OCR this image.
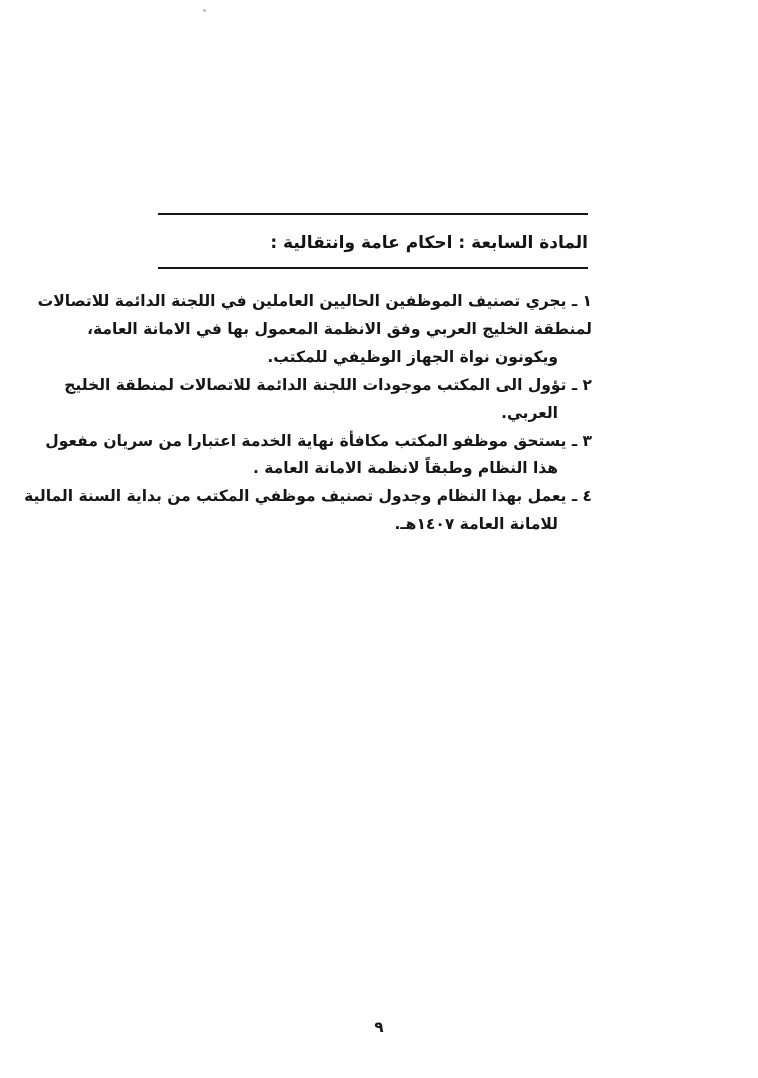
المادة السابعة : احكام عامة وانتقالية :
١ ـ يجري تصنيف الموظفين الحاليين العاملين في اللجنة الدائمة للاتصالات
لمنطقة الخليج العربي وفق الانظمة المعمول بها في الامانة العامة،
ويكونون نواة الجهاز الوظيفي للمكتب.
٢ ـ تؤول الى المكتب موجودات اللجنة الدائمة للاتصالات لمنطقة الخليج
العربي.
٣ ـ يستحق موظفو المكتب مكافأة نهاية الخدمة اعتبارا من سريان مفعول
هذا النظام وطبقاً لانظمة الامانة العامة .
٤ ـ يعمل بهذا النظام وجدول تصنيف موظفي المكتب من بداية السنة المالية
للامانة العامة ١٤٠٧هـ.
٩
